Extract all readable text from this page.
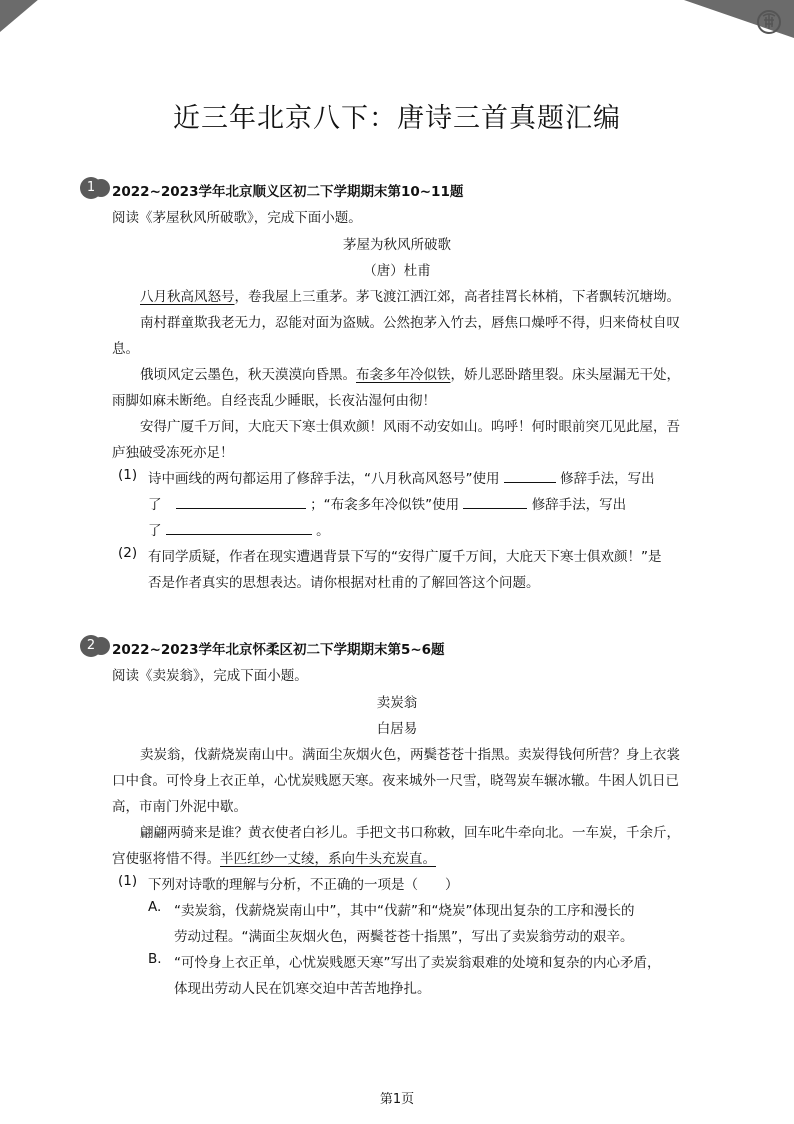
近三年北京八下：唐诗三首真题汇编
1	2022~2023学年北京顺义区初二下学期期末第10~11题
阅读《茅屋秋风所破歌》，完成下面小题。
茅屋为秋风所破歌
（唐）杜甫
八月秋高风怒号，卷我屋上三重茅。茅飞渡江洒江郊，高者挂罥长林梢，下者飘转沉塘坳。
南村群童欺我老无力，忍能对面为盗贼。公然抱茅入竹去，唇焦口燥呼不得，归来倚杖自叹
息。
俄顷风定云墨色，秋天漠漠向昏黑。布衾多年冷似铁，娇儿恶卧踏里裂。床头屋漏无干处，
雨脚如麻未断绝。自经丧乱少睡眠，长夜沾湿何由彻！
安得广厦千万间，大庇天下寒士俱欢颜！风雨不动安如山。呜呼！何时眼前突兀见此屋，吾
庐独破受冻死亦足！
(1) 诗中画线的两句都运用了修辞手法，“八月秋高风怒号”使用	修辞手法，写出
了	；“布衾多年冷似铁”使用	修辞手法，写出
了	。
(2) 有同学质疑，作者在现实遭遇背景下写的“安得广厦千万间，大庇天下寒士俱欢颜！”是
否是作者真实的思想表达。请你根据对杜甫的了解回答这个问题。
2	2022~2023学年北京怀柔区初二下学期期末第5~6题
阅读《卖炭翁》，完成下面小题。
卖炭翁
白居易
卖炭翁，伐薪烧炭南山中。满面尘灰烟火色，两鬓苍苍十指黑。卖炭得钱何所营？身上衣裳
口中食。可怜身上衣正单，心忧炭贱愿天寒。夜来城外一尺雪，晓驾炭车辗冰辙。牛困人饥日已
高，市南门外泥中歇。
翩翩两骑来是谁？黄衣使者白衫儿。手把文书口称敕，回车叱牛牵向北。一车炭，千余斤，
宫使驱将惜不得。半匹红纱一丈绫，系向牛头充炭直。
(1) 下列对诗歌的理解与分析，不正确的一项是（　　）
A. “卖炭翁，伐薪烧炭南山中”，其中“伐薪”和“烧炭”体现出复杂的工序和漫长的
劳动过程。“满面尘灰烟火色，两鬓苍苍十指黑”，写出了卖炭翁劳动的艰辛。
B. “可怜身上衣正单，心忧炭贱愿天寒”写出了卖炭翁艰难的处境和复杂的内心矛盾，
体现出劳动人民在饥寒交迫中苦苦地挣扎。
第1页
